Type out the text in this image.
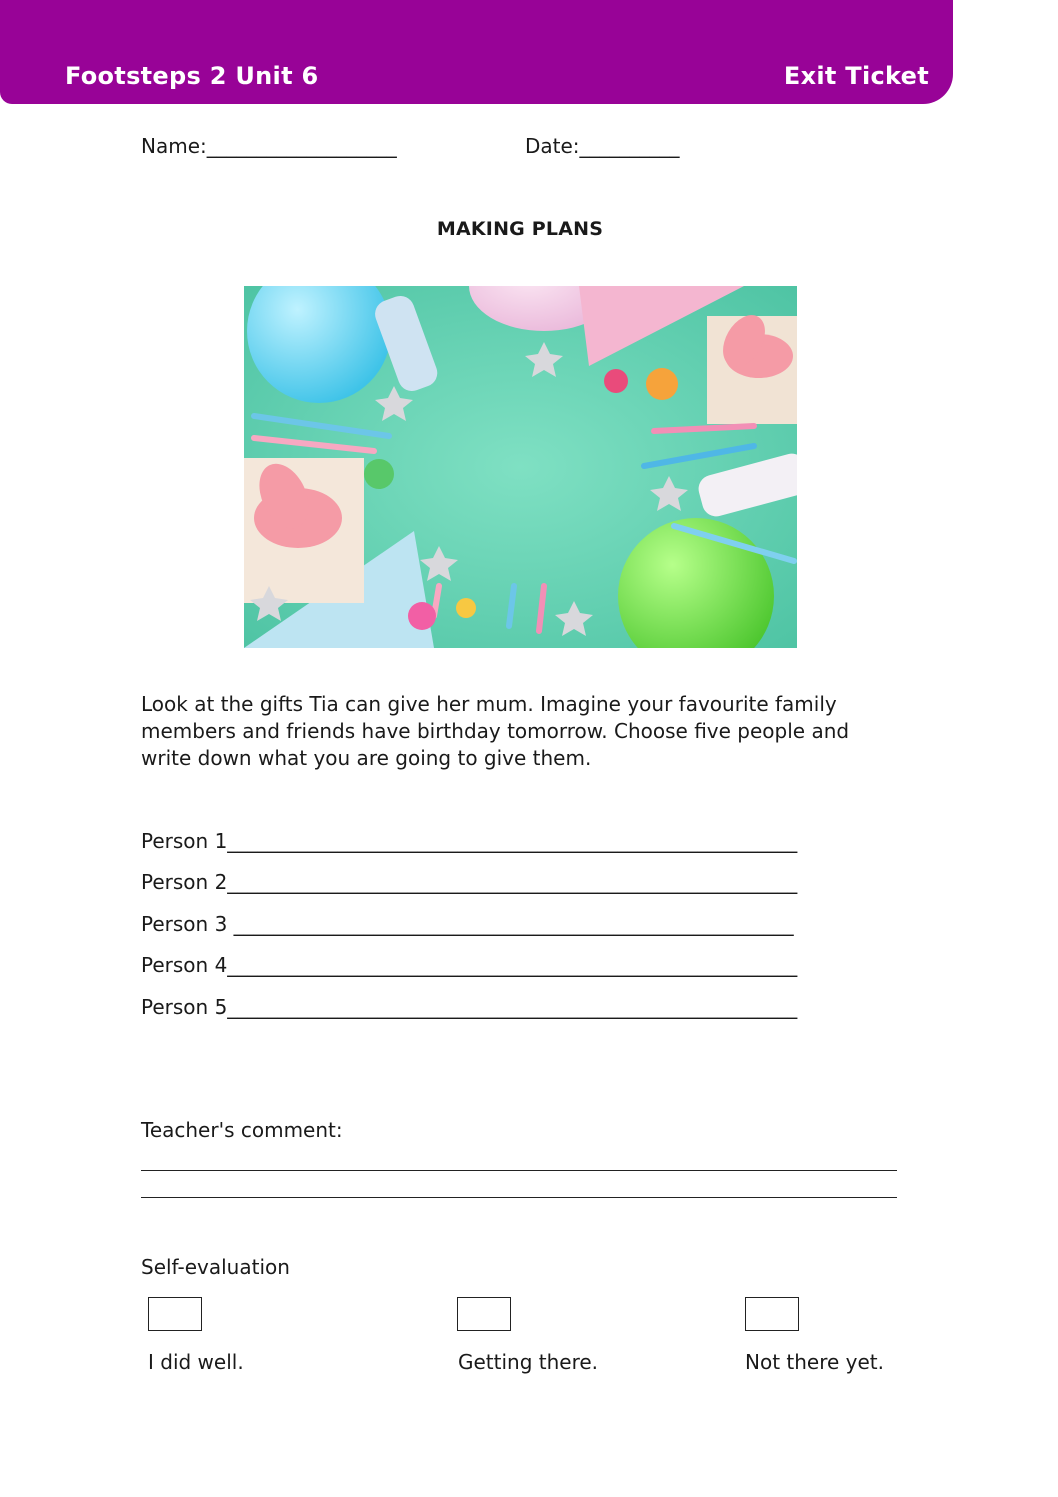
Footsteps 2 Unit 6	Exit Ticket
Name:___________________	Date:__________
MAKING PLANS
Look at the gifts Tia can give her mum. Imagine your favourite family members and friends have birthday tomorrow. Choose five people and write down what you are going to give them.
Person 1_________________________________________________________
Person 2_________________________________________________________
Person 3 ________________________________________________________
Person 4_________________________________________________________
Person 5_________________________________________________________
Teacher's comment:
Self-evaluation
I did well.	Getting there.	Not there yet.
